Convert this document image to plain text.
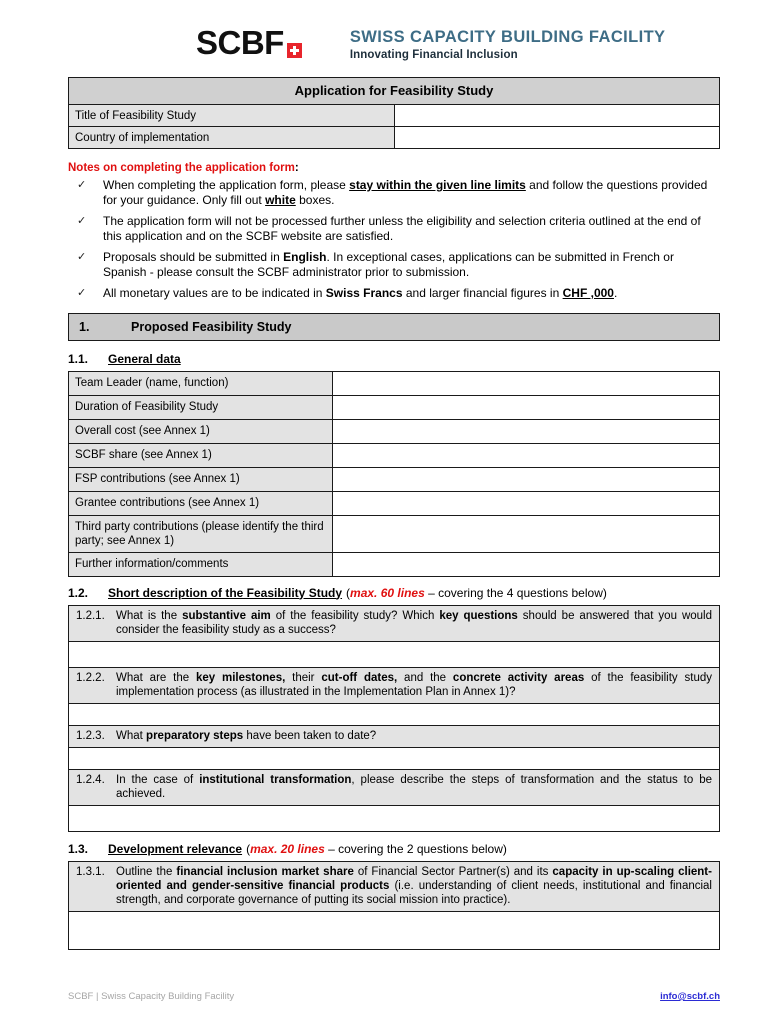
SCBF	SWISS CAPACITY BUILDING FACILITY
Innovating Financial Inclusion
Application for Feasibility Study	
Title of Feasibility Study	
Country of implementation	
Notes on completing the application form:
✓ When completing the application form, please stay within the given line limits and follow the questions provided for your guidance. Only fill out white boxes.
✓ The application form will not be processed further unless the eligibility and selection criteria outlined at the end of this application and on the SCBF website are satisfied.
✓ Proposals should be submitted in English. In exceptional cases, applications can be submitted in French or Spanish - please consult the SCBF administrator prior to submission.
✓ All monetary values are to be indicated in Swiss Francs and larger financial figures in CHF ,000.
1.	Proposed Feasibility Study
1.1.	General data
Team Leader (name, function)	
Duration of Feasibility Study	
Overall cost (see Annex 1)	
SCBF share (see Annex 1)	
FSP contributions (see Annex 1)	
Grantee contributions (see Annex 1)	
Third party contributions (please identify the third party; see Annex 1)	
Further information/comments	
1.2.	Short description of the Feasibility Study (max. 60 lines – covering the 4 questions below)
1.2.1. What is the substantive aim of the feasibility study? Which key questions should be answered that you would consider the feasibility study as a success?

1.2.2. What are the key milestones, their cut-off dates, and the concrete activity areas of the feasibility study implementation process (as illustrated in the Implementation Plan in Annex 1)?

1.2.3. What preparatory steps have been taken to date?

1.2.4. In the case of institutional transformation, please describe the steps of transformation and the status to be achieved.

1.3.	Development relevance (max. 20 lines – covering the 2 questions below)
1.3.1. Outline the financial inclusion market share of Financial Sector Partner(s) and its capacity in up-scaling client-oriented and gender-sensitive financial products (i.e. understanding of client needs, institutional and financial strength, and corporate governance of putting its social mission into practice).

SCBF | Swiss Capacity Building Facility	info@scbf.ch
